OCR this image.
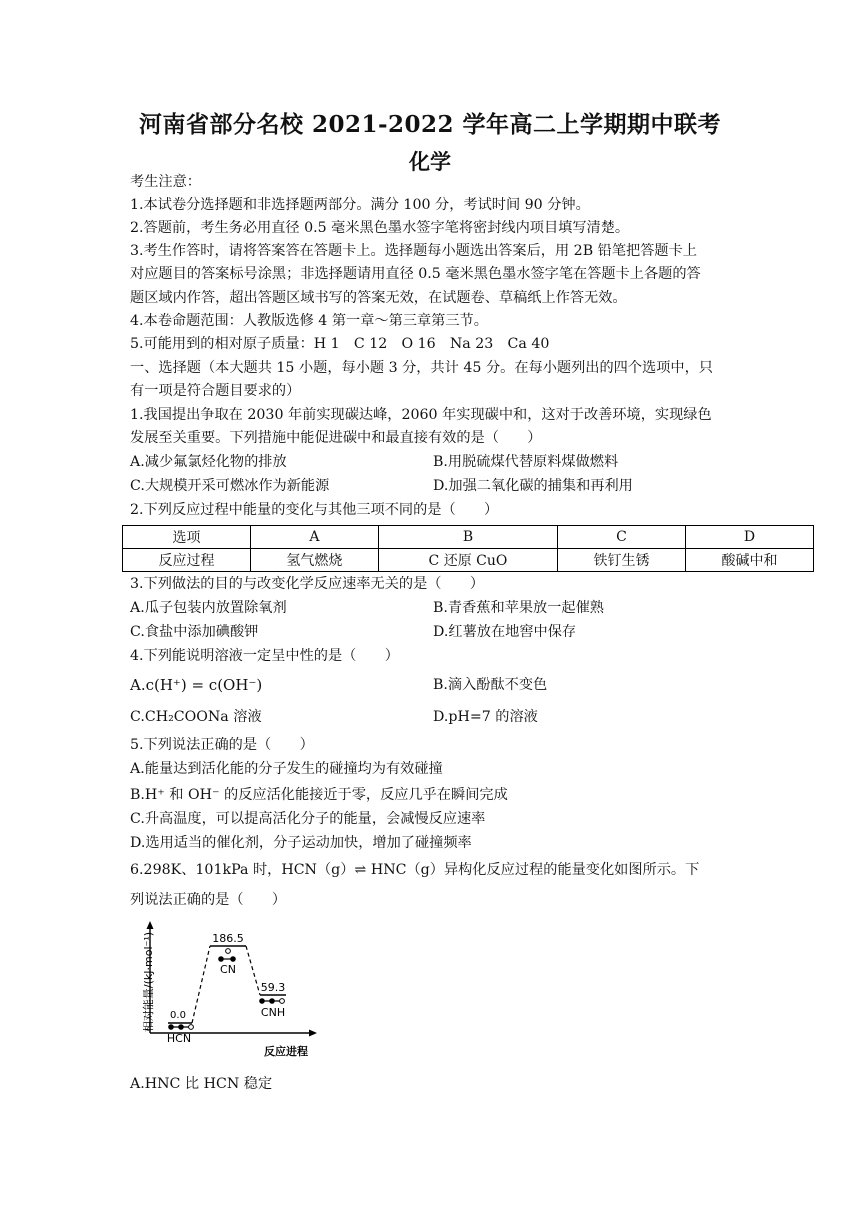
河南省部分名校 2021-2022 学年高二上学期期中联考
化学
考生注意：
1.本试卷分选择题和非选择题两部分。满分 100 分，考试时间 90 分钟。
2.答题前，考生务必用直径 0.5 毫米黑色墨水签字笔将密封线内项目填写清楚。
3.考生作答时，请将答案答在答题卡上。选择题每小题选出答案后，用 2B 铅笔把答题卡上
对应题目的答案标号涂黑；非选择题请用直径 0.5 毫米黑色墨水签字笔在答题卡上各题的答
题区域内作答，超出答题区域书写的答案无效，在试题卷、草稿纸上作答无效。
4.本卷命题范围：人教版选修 4 第一章～第三章第三节。
5.可能用到的相对原子质量：H 1　C 12　O 16　Na 23　Ca 40
一、选择题（本大题共 15 小题，每小题 3 分，共计 45 分。在每小题列出的四个选项中，只
有一项是符合题目要求的）
1.我国提出争取在 2030 年前实现碳达峰，2060 年实现碳中和，这对于改善环境，实现绿色
发展至关重要。下列措施中能促进碳中和最直接有效的是（　　）
A.减少氟氯烃化物的排放	B.用脱硫煤代替原料煤做燃料
C.大规模开采可燃冰作为新能源	D.加强二氧化碳的捕集和再利用
2.下列反应过程中能量的变化与其他三项不同的是（　　）
选项	A	B	C	D
反应过程	氢气燃烧	C 还原 CuO	铁钉生锈	酸碱中和
3.下列做法的目的与改变化学反应速率无关的是（　　）
A.瓜子包装内放置除氧剂	B.青香蕉和苹果放一起催熟
C.食盐中添加碘酸钾	D.红薯放在地窖中保存
4.下列能说明溶液一定呈中性的是（　　）
A.c(H⁺) = c(OH⁻)	B.滴入酚酞不变色
C.CH₂COONa 溶液	D.pH=7 的溶液
5.下列说法正确的是（　　）
A.能量达到活化能的分子发生的碰撞均为有效碰撞
B.H⁺ 和 OH⁻ 的反应活化能接近于零，反应几乎在瞬间完成
C.升高温度，可以提高活化分子的能量，会减慢反应速率
D.选用适当的催化剂，分子运动加快，增加了碰撞频率
6.298K、101kPa 时，HCN（g）⇌ HNC（g）异构化反应过程的能量变化如图所示。下
列说法正确的是（　　）
相对能量/(kJ·mol⁻¹)
反应进程
186.5
59.3
0.0
HCN
CN
CNH
A.HNC 比 HCN 稳定
